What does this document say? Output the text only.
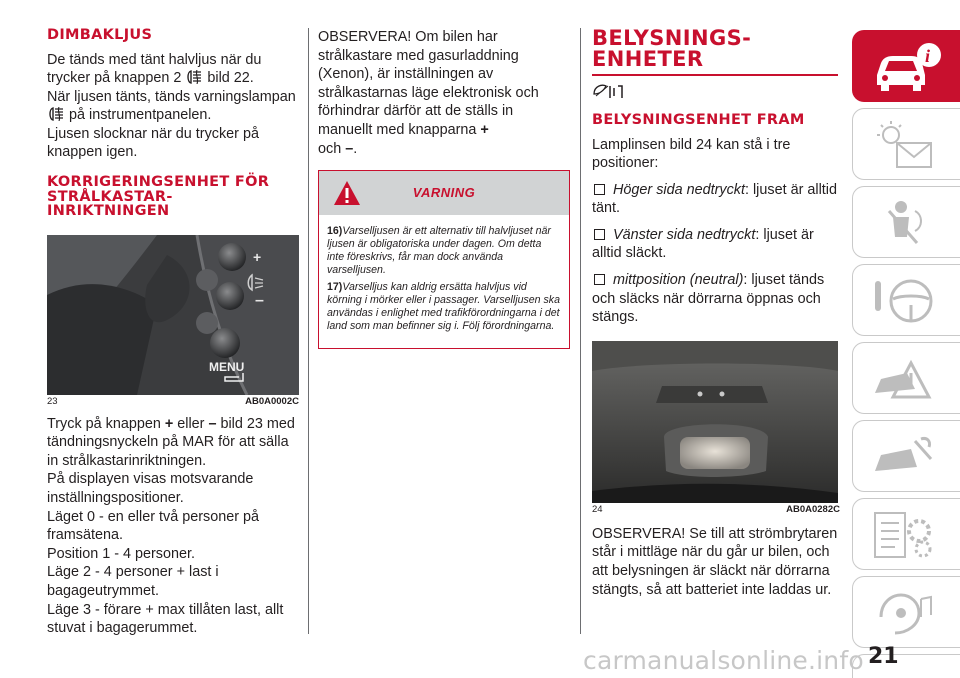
DIMBAKLJUS
De tänds med tänt halvljus när du trycker på knappen 2 bild 22.
När ljusen tänts, tänds varningslampan
på instrumentpanelen.
Ljusen slocknar när du trycker på knappen igen.
KORRIGERINGSENHET FÖR STRÅLKASTAR-INRIKTNINGEN
+
–
MENU
23	AB0A0002C
Tryck på knappen + eller – bild 23 med tändningsnyckeln på MAR för att sälla in strålkastarinriktningen.
På displayen visas motsvarande inställningspositioner.
Läget 0 - en eller två personer på framsätena.
Position 1 - 4 personer.
Läge 2 - 4 personer + last i bagageutrymmet.
Läge 3 - förare + max tillåten last, allt stuvat i bagagerummet.
OBSERVERA! Om bilen har strålkastare med gasurladdning (Xenon), är inställningen av strålkastarnas läge elektronisk och förhindrar därför att de ställs in manuellt med knapparna +
och –.
VARNING

16)Varselljusen är ett alternativ till halvljuset när ljusen är obligatoriska under dagen. Om detta inte föreskrivs, får man dock använda varselljusen.

17)Varselljus kan aldrig ersätta halvljus vid körning i mörker eller i passager. Varselljusen ska användas i enlighet med trafikförordningarna i det land som man befinner sig i. Följ förordningarna.

BELYSNINGS-ENHETER
BELYSNINGSENHET FRAM
Lamplinsen bild 24 kan stå i tre positioner:
Höger sida nedtryckt: ljuset är alltid tänt.
Vänster sida nedtryckt: ljuset är alltid släckt.
mittposition (neutral): ljuset tänds och släcks när dörrarna öppnas och stängs.
24	AB0A0282C
OBSERVERA! Se till att strömbrytaren står i mittläge när du går ur bilen, och att belysningen är släckt när dörrarna stängts, så att batteriet inte laddas ur.
i
21
carmanualsonline.info
